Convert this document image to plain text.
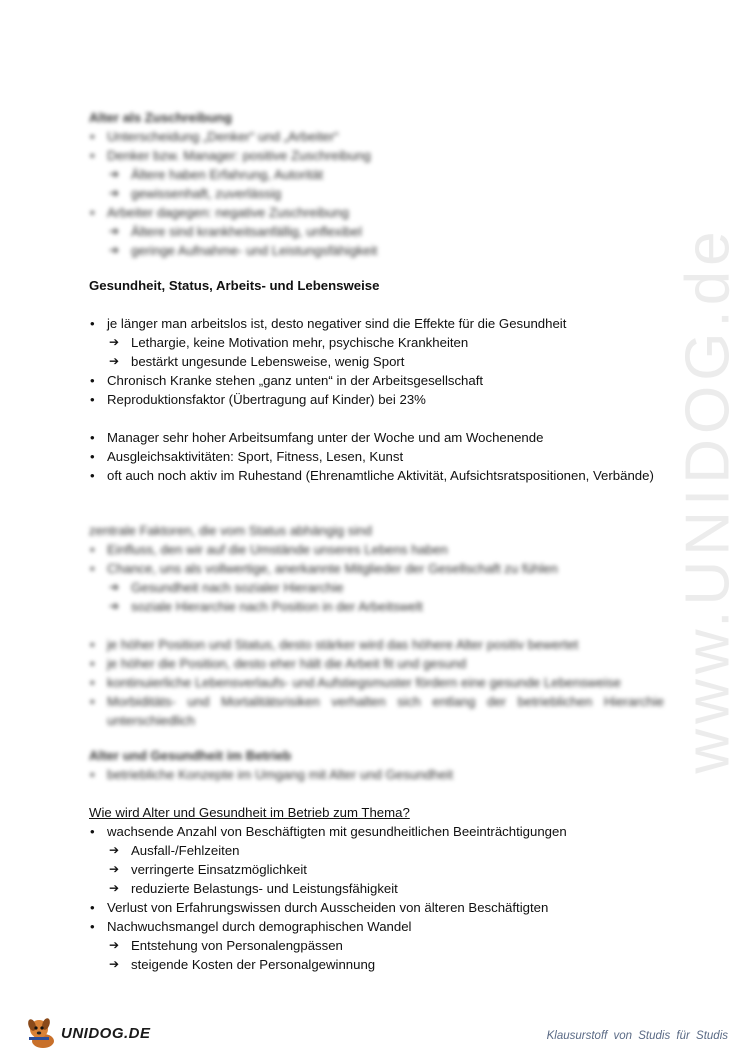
www.UNIDOG.de
Alter als Zuschreibung
• Unterscheidung „Denker“ und „Arbeiter“
• Denker bzw. Manager: positive Zuschreibung
➔ Ältere haben Erfahrung, Autorität
➔ gewissenhaft, zuverlässig
• Arbeiter dagegen: negative Zuschreibung
➔ Ältere sind krankheitsanfällig, unflexibel
➔ geringe Aufnahme- und Leistungsfähigkeit
Gesundheit, Status, Arbeits- und Lebensweise
• je länger man arbeitslos ist, desto negativer sind die Effekte für die Gesundheit
➔ Lethargie, keine Motivation mehr, psychische Krankheiten
➔ bestärkt ungesunde Lebensweise, wenig Sport
• Chronisch Kranke stehen „ganz unten“ in der Arbeitsgesellschaft
• Reproduktionsfaktor (Übertragung auf Kinder) bei 23%
• Manager sehr hoher Arbeitsumfang unter der Woche und am Wochenende
• Ausgleichsaktivitäten: Sport, Fitness, Lesen, Kunst
• oft auch noch aktiv im Ruhestand (Ehrenamtliche Aktivität, Aufsichtsratspositionen, Verbände)
zentrale Faktoren, die vom Status abhängig sind
• Einfluss, den wir auf die Umstände unseres Lebens haben
• Chance, uns als vollwertige, anerkannte Mitglieder der Gesellschaft zu fühlen
➔ Gesundheit nach sozialer Hierarchie
➔ soziale Hierarchie nach Position in der Arbeitswelt
• je höher Position und Status, desto stärker wird das höhere Alter positiv bewertet
• je höher die Position, desto eher hält die Arbeit fit und gesund
• kontinuierliche Lebensverlaufs- und Aufstiegsmuster fördern eine gesunde Lebensweise
• Morbiditäts- und Mortalitätsrisiken verhalten sich entlang der betrieblichen Hierarchie unterschiedlich
Alter und Gesundheit im Betrieb
• betriebliche Konzepte im Umgang mit Alter und Gesundheit
Wie wird Alter und Gesundheit im Betrieb zum Thema?
• wachsende Anzahl von Beschäftigten mit gesundheitlichen Beeinträchtigungen
➔ Ausfall-/Fehlzeiten
➔ verringerte Einsatzmöglichkeit
➔ reduzierte Belastungs- und Leistungsfähigkeit
• Verlust von Erfahrungswissen durch Ausscheiden von älteren Beschäftigten
• Nachwuchsmangel durch demographischen Wandel
➔ Entstehung von Personalengpässen
➔ steigende Kosten der Personalgewinnung
UNIDOG.DE	Klausurstoff von Studis für Studis
